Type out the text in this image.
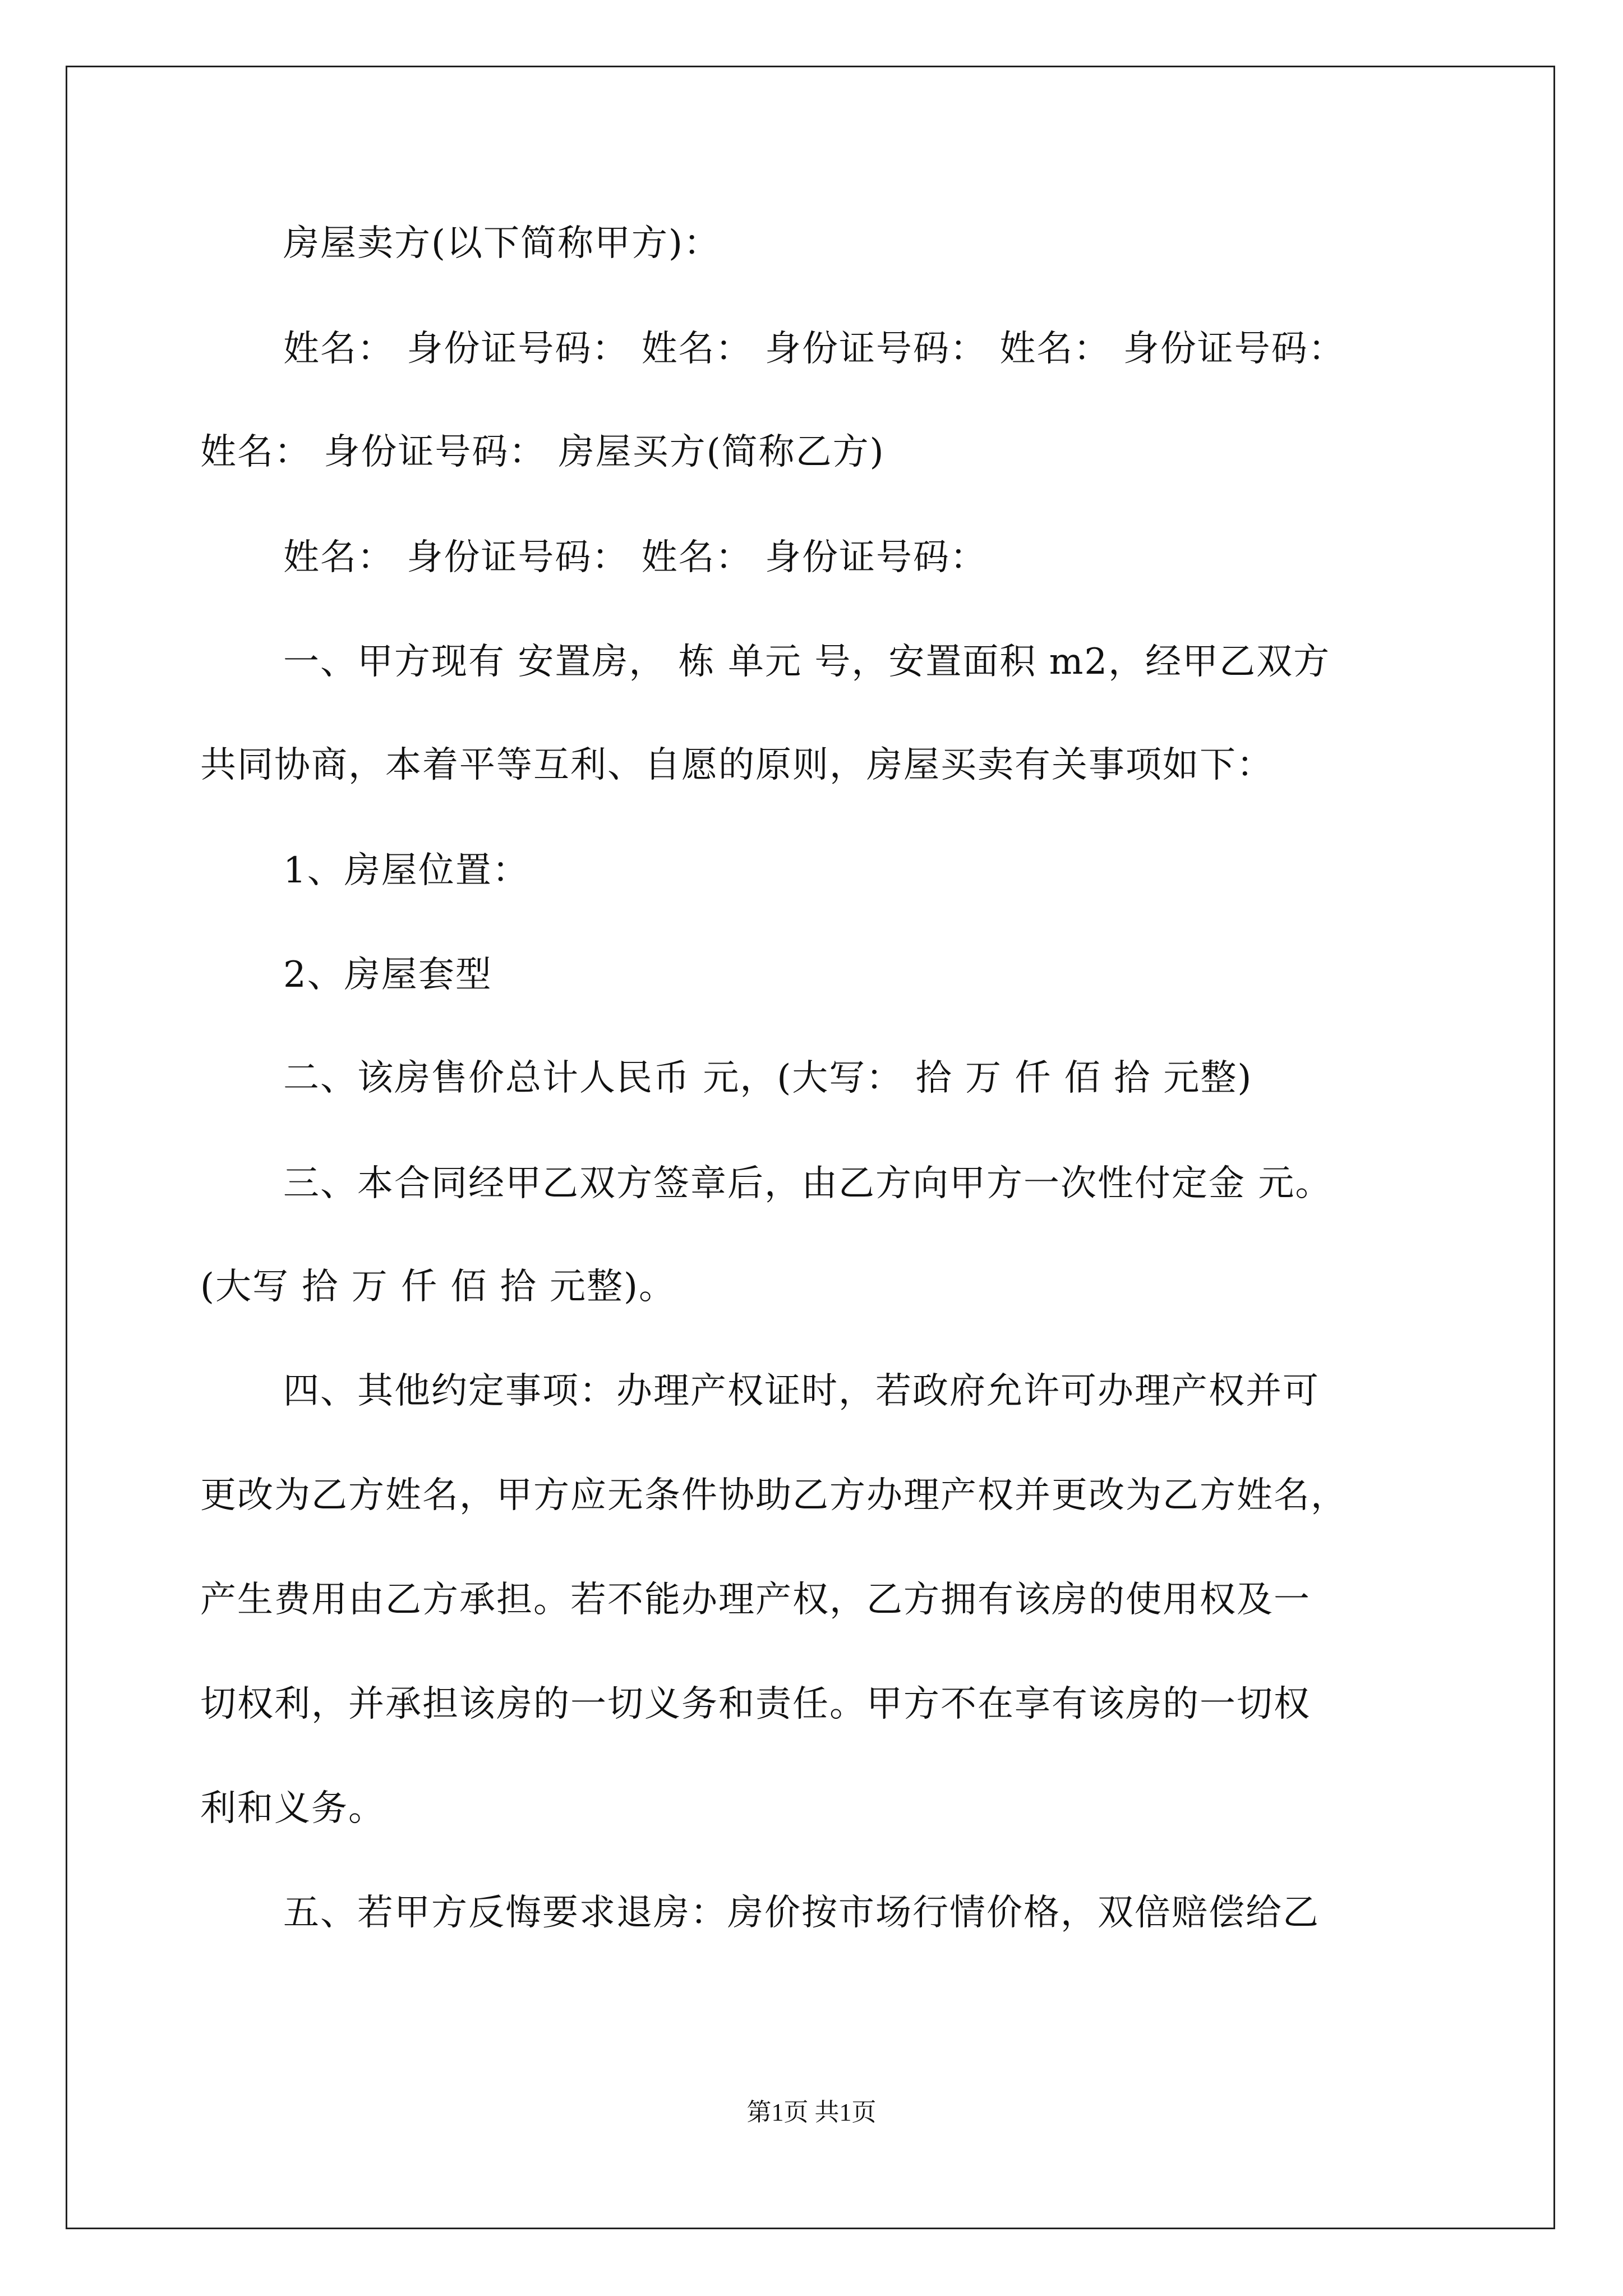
房屋卖方(以下简称甲方)：
姓名： 身份证号码： 姓名： 身份证号码： 姓名： 身份证号码：
姓名： 身份证号码： 房屋买方(简称乙方)
姓名： 身份证号码： 姓名： 身份证号码：
一、甲方现有 安置房， 栋 单元 号，安置面积 m2，经甲乙双方
共同协商，本着平等互利、自愿的原则，房屋买卖有关事项如下：
1、房屋位置：
2、房屋套型
二、该房售价总计人民币 元，(大写： 拾 万 仟 佰 拾 元整)
三、本合同经甲乙双方签章后，由乙方向甲方一次性付定金 元。
(大写 拾 万 仟 佰 拾 元整)。
四、其他约定事项：办理产权证时，若政府允许可办理产权并可
更改为乙方姓名，甲方应无条件协助乙方办理产权并更改为乙方姓名，
产生费用由乙方承担。若不能办理产权，乙方拥有该房的使用权及一
切权利，并承担该房的一切义务和责任。甲方不在享有该房的一切权
利和义务。
五、若甲方反悔要求退房：房价按市场行情价格，双倍赔偿给乙
第1页 共1页
